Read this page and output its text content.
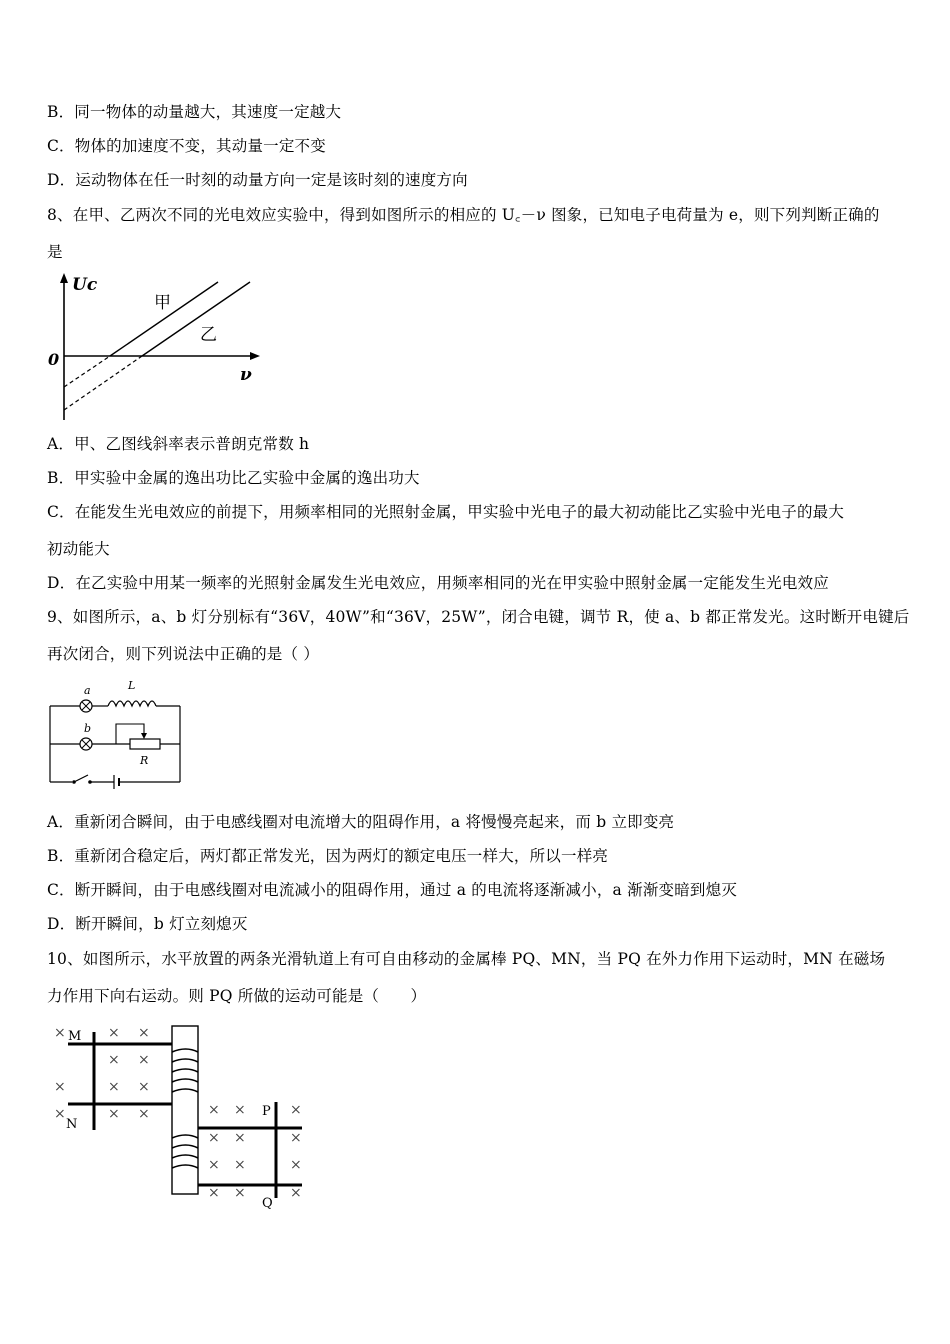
B．同一物体的动量越大，其速度一定越大
C．物体的加速度不变，其动量一定不变
D．运动物体在任一时刻的动量方向一定是该时刻的速度方向
8、在甲、乙两次不同的光电效应实验中，得到如图所示的相应的 U꜀－ν 图象，已知电子电荷量为 e，则下列判断正确的
是
Uc
ν
0
甲
乙
A．甲、乙图线斜率表示普朗克常数 h
B．甲实验中金属的逸出功比乙实验中金属的逸出功大
C．在能发生光电效应的前提下，用频率相同的光照射金属，甲实验中光电子的最大初动能比乙实验中光电子的最大
初动能大
D．在乙实验中用某一频率的光照射金属发生光电效应，用频率相同的光在甲实验中照射金属一定能发生光电效应
9、如图所示，a、b 灯分别标有“36V，40W”和“36V，25W”，闭合电键，调节 R，使 a、b 都正常发光。这时断开电键后
再次闭合，则下列说法中正确的是（ ）
a	L
b
R
A．重新闭合瞬间，由于电感线圈对电流增大的阻碍作用，a 将慢慢亮起来，而 b 立即变亮
B．重新闭合稳定后，两灯都正常发光，因为两灯的额定电压一样大，所以一样亮
C．断开瞬间，由于电感线圈对电流减小的阻碍作用，通过 a 的电流将逐渐减小，a 渐渐变暗到熄灭
D．断开瞬间，b 灯立刻熄灭
10、如图所示，水平放置的两条光滑轨道上有可自由移动的金属棒 PQ、MN，当 PQ 在外力作用下运动时，MN 在磁场
力作用下向右运动。则 PQ 所做的运动可能是（　　）
×	× ×
× ×
×	× ×
×	× ×	× ×	×
× ×	×
× ×	×
× ×	×
M
N
P
Q
